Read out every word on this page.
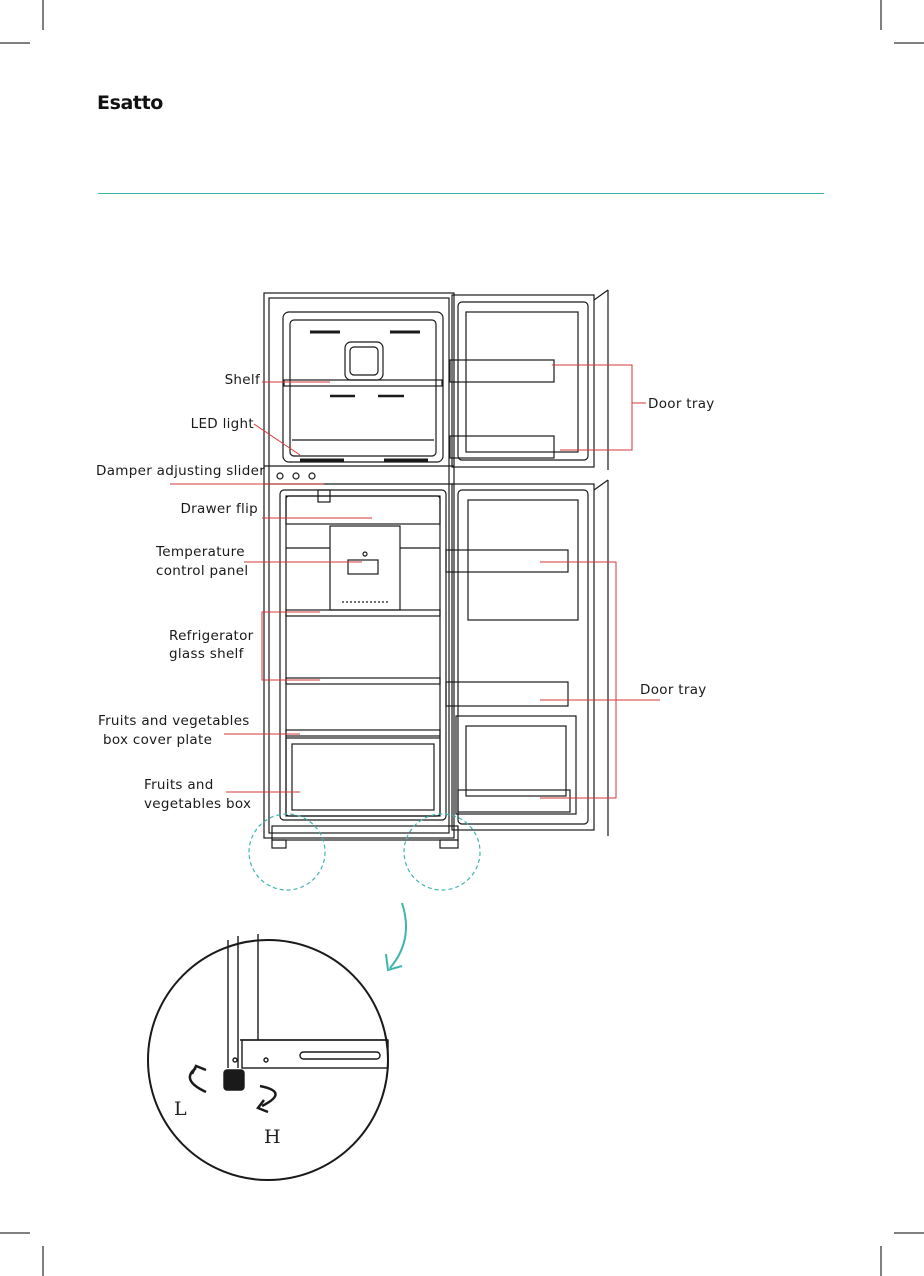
Esatto
Shelf
LED light
Damper adjusting slider
Drawer flip
Temperature
control panel
Refrigerator
glass shelf
Fruits and vegetables
box cover plate
Fruits and
vegetables box
Door tray
Door tray
L
H
